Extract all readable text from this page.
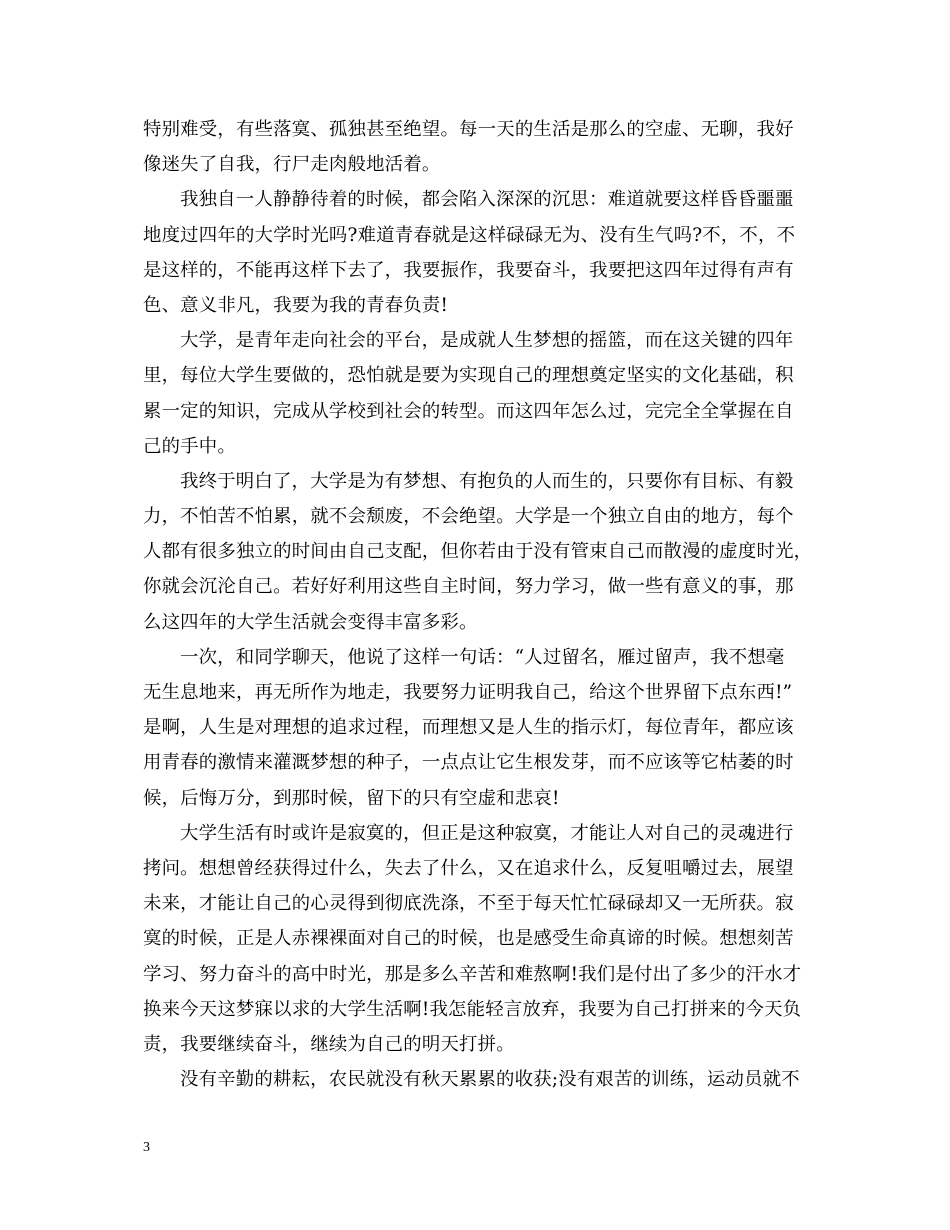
特别难受，有些落寞、孤独甚至绝望。每一天的生活是那么的空虚、无聊，我好
像迷失了自我，行尸走肉般地活着。
我独自一人静静待着的时候，都会陷入深深的沉思：难道就要这样昏昏噩噩
地度过四年的大学时光吗?难道青春就是这样碌碌无为、没有生气吗?不，不，不
是这样的，不能再这样下去了，我要振作，我要奋斗，我要把这四年过得有声有
色、意义非凡，我要为我的青春负责!
大学，是青年走向社会的平台，是成就人生梦想的摇篮，而在这关键的四年
里，每位大学生要做的，恐怕就是要为实现自己的理想奠定坚实的文化基础，积
累一定的知识，完成从学校到社会的转型。而这四年怎么过，完完全全掌握在自
己的手中。
我终于明白了，大学是为有梦想、有抱负的人而生的，只要你有目标、有毅
力，不怕苦不怕累，就不会颓废，不会绝望。大学是一个独立自由的地方，每个
人都有很多独立的时间由自己支配，但你若由于没有管束自己而散漫的虚度时光，
你就会沉沦自己。若好好利用这些自主时间，努力学习，做一些有意义的事，那
么这四年的大学生活就会变得丰富多彩。
一次，和同学聊天，他说了这样一句话：“人过留名，雁过留声，我不想毫
无生息地来，再无所作为地走，我要努力证明我自己，给这个世界留下点东西!”
是啊，人生是对理想的追求过程，而理想又是人生的指示灯，每位青年，都应该
用青春的激情来灌溉梦想的种子，一点点让它生根发芽，而不应该等它枯萎的时
候，后悔万分，到那时候，留下的只有空虚和悲哀!
大学生活有时或许是寂寞的，但正是这种寂寞，才能让人对自己的灵魂进行
拷问。想想曾经获得过什么，失去了什么，又在追求什么，反复咀嚼过去，展望
未来，才能让自己的心灵得到彻底洗涤，不至于每天忙忙碌碌却又一无所获。寂
寞的时候，正是人赤裸裸面对自己的时候，也是感受生命真谛的时候。想想刻苦
学习、努力奋斗的高中时光，那是多么辛苦和难熬啊!我们是付出了多少的汗水才
换来今天这梦寐以求的大学生活啊!我怎能轻言放弃，我要为自己打拼来的今天负
责，我要继续奋斗，继续为自己的明天打拼。
没有辛勤的耕耘，农民就没有秋天累累的收获;没有艰苦的训练，运动员就不
3
